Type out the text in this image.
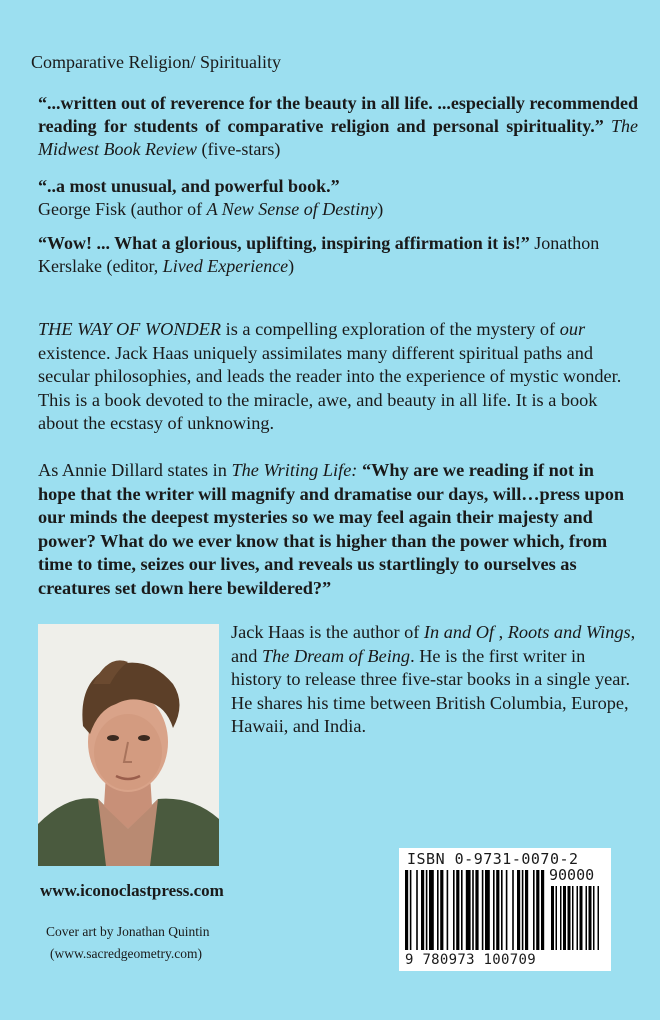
Comparative Religion/ Spirituality
“...written out of reverence for the beauty in all life. ...especially recommended reading for students of comparative religion and personal spirituality.” The Midwest Book Review (five-stars)
“..a most unusual, and powerful book.”
George Fisk (author of A New Sense of Destiny)
“Wow! ... What a glorious, uplifting, inspiring affirmation it is!” Jonathon Kerslake (editor, Lived Experience)
THE WAY OF WONDER is a compelling exploration of the mystery of our existence. Jack Haas uniquely assimilates many different spiritual paths and secular philosophies, and leads the reader into the experience of mystic wonder. This is a book devoted to the miracle, awe, and beauty in all life. It is a book about the ecstasy of unknowing.
As Annie Dillard states in The Writing Life: “Why are we reading if not in hope that the writer will magnify and dramatise our days, will…press upon our minds the deepest mysteries so we may feel again their majesty and power? What do we ever know that is higher than the power which, from time to time, seizes our lives, and reveals us startlingly to ourselves as creatures set down here bewildered?”
Jack Haas is the author of In and Of , Roots and Wings, and The Dream of Being. He is the first writer in history to release three five-star books in a single year. He shares his time between British Columbia, Europe, Hawaii, and India.
www.iconoclastpress.com
Cover art by Jonathan Quintin
(www.sacredgeometry.com)
ISBN 0-9731-0070-2
90000
9 780973 100709
